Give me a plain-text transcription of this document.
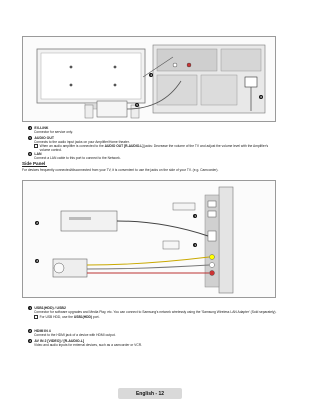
4
5
6
4 EX-LINK
Connector for service only.
5 AUDIO OUT
Connects to the audio input jacks on your Amplifier/Home theater.
When an audio amplifier is connected to the AUDIO OUT [R-AUDIO-L] jacks: Decrease the volume of the TV and adjust the volume level with the Amplifier's volume control.
6 LAN
Connect a LAN cable to this port to connect to the Network.
Side Panel
For devices frequently connected/disconnected from your TV, it is convenient to use the jacks on the side of your TV. (e.g. Camcorder).
1
1
2
3
1 USB1(HDD) / USB2
Connector for software upgrades and Media Play, etc. You can connect to Samsung's network wirelessly using the 'Samsung Wireless LAN Adapter' (Sold separately).
For USB HDD, use the USB1(HDD) port.
2 HDMI IN 4
Connect to the HDMI jack of a device with HDMI output.
3 AV IN 2 [VIDEO] / [R-AUDIO-L]
Video and audio inputs for external devices, such as a camcorder or VCR.
English - 12
